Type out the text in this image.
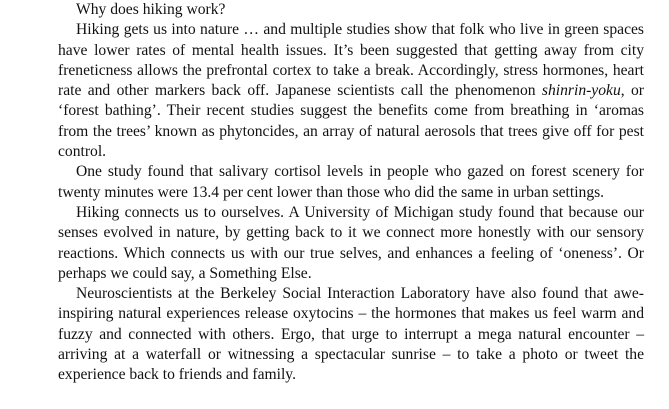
Why does hiking work?

Hiking gets us into nature … and multiple studies show that folk who live in green spaces have lower rates of mental health issues. It’s been suggested that getting away from city freneticness allows the prefrontal cortex to take a break. Accordingly, stress hormones, heart rate and other markers back off. Japanese scientists call the phenomenon shinrin-yoku, or ‘forest bathing’. Their recent studies suggest the benefits come from breathing in ‘aromas from the trees’ known as phytoncides, an array of natural aerosols that trees give off for pest control.

One study found that salivary cortisol levels in people who gazed on forest scenery for twenty minutes were 13.4 per cent lower than those who did the same in urban settings.

Hiking connects us to ourselves. A University of Michigan study found that because our senses evolved in nature, by getting back to it we connect more honestly with our sensory reactions. Which connects us with our true selves, and enhances a feeling of ‘oneness’. Or perhaps we could say, a Something Else.

Neuroscientists at the Berkeley Social Interaction Laboratory have also found that awe-inspiring natural experiences release oxytocins – the hormones that makes us feel warm and fuzzy and connected with others. Ergo, that urge to interrupt a mega natural encounter – arriving at a waterfall or witnessing a spectacular sunrise – to take a photo or tweet the experience back to friends and family.
